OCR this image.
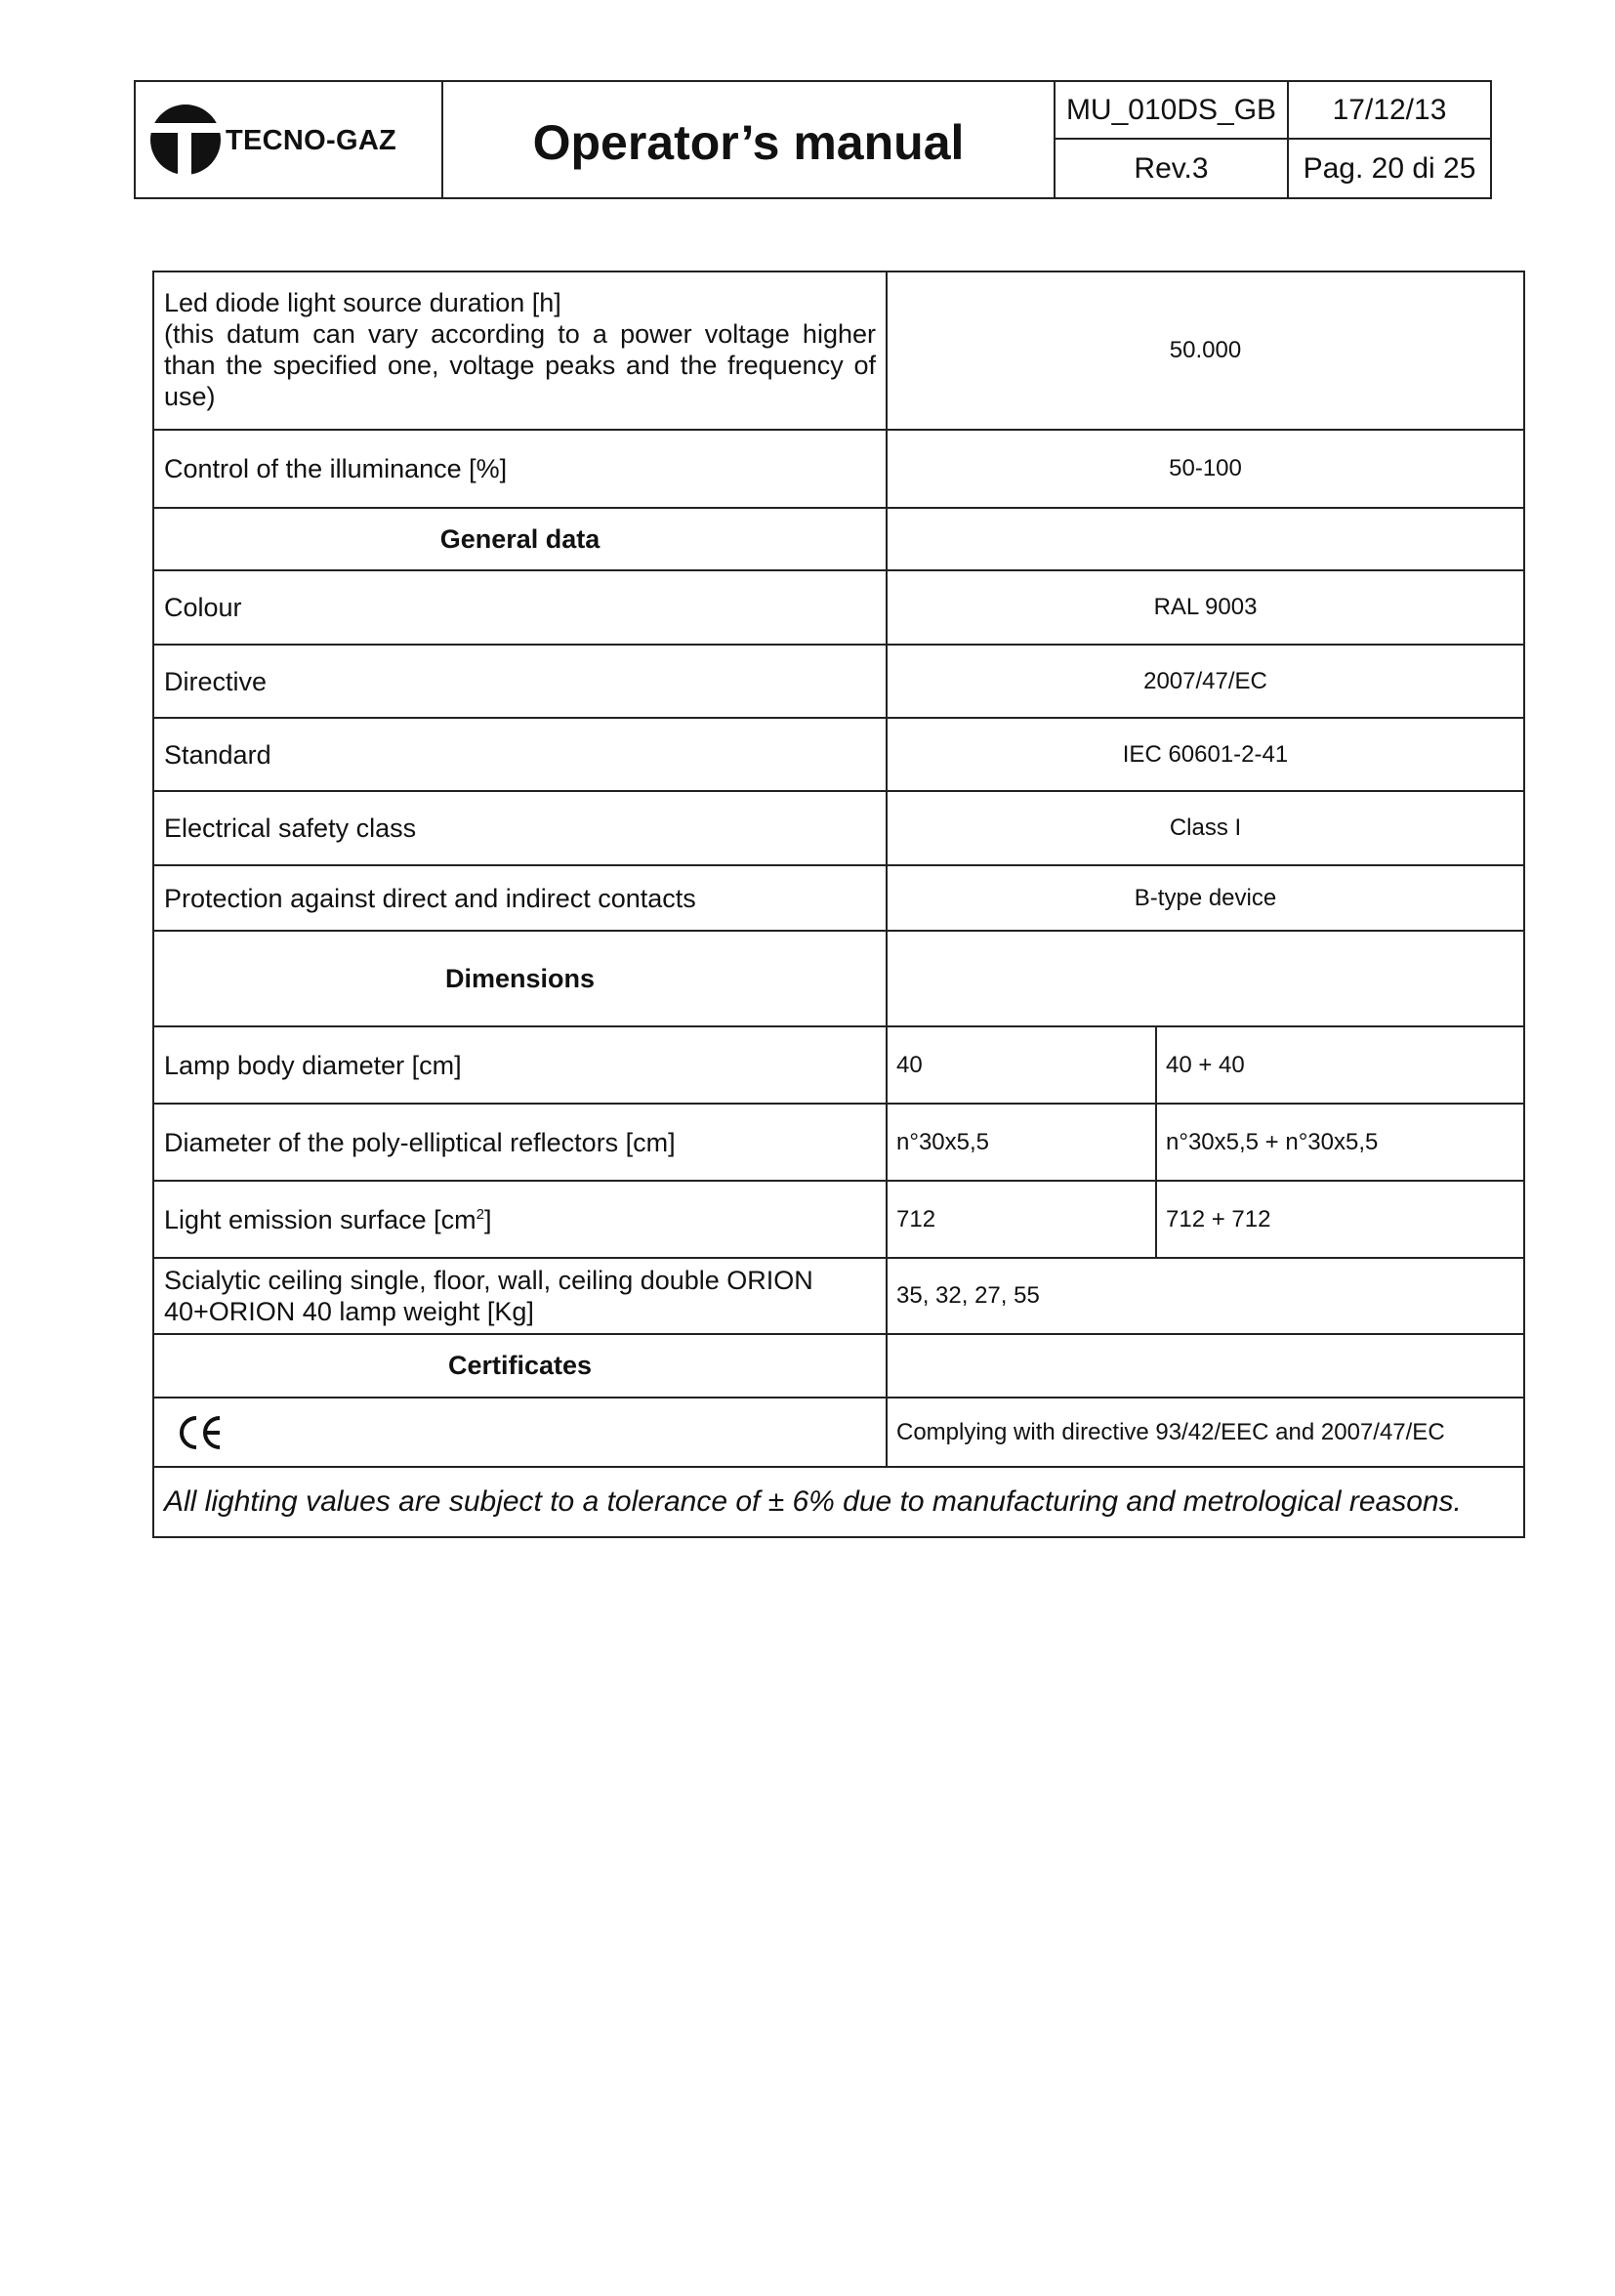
TECNO-GAZ	Operator’s manual
MU_010DS_GB	17/12/13
Rev.3	Pag. 20 di 25
Led diode light source duration [h]
(this datum can vary according to a power voltage higher than the specified one, voltage peaks and the frequency of use)	50.000	
Control of the illuminance [%]	50-100	
General data		
Colour	RAL 9003	
Directive	2007/47/EC	
Standard	IEC 60601-2-41	
Electrical safety class	Class I	
Protection against direct and indirect contacts	B-type device	
Dimensions		
Lamp body diameter [cm]	40	40 + 40
Diameter of the poly-elliptical reflectors [cm]	n°30x5,5	n°30x5,5 + n°30x5,5
Light emission surface $[cm^2]$	712	712 + 712
Scialytic ceiling single, floor, wall, ceiling double ORION 40+ORION 40 lamp weight [Kg]	35, 32, 27, 55	
Certificates		

	Complying with directive 93/42/EEC and 2007/47/EC	
All lighting values are subject to a tolerance of ± 6% due to manufacturing and metrological reasons.		
